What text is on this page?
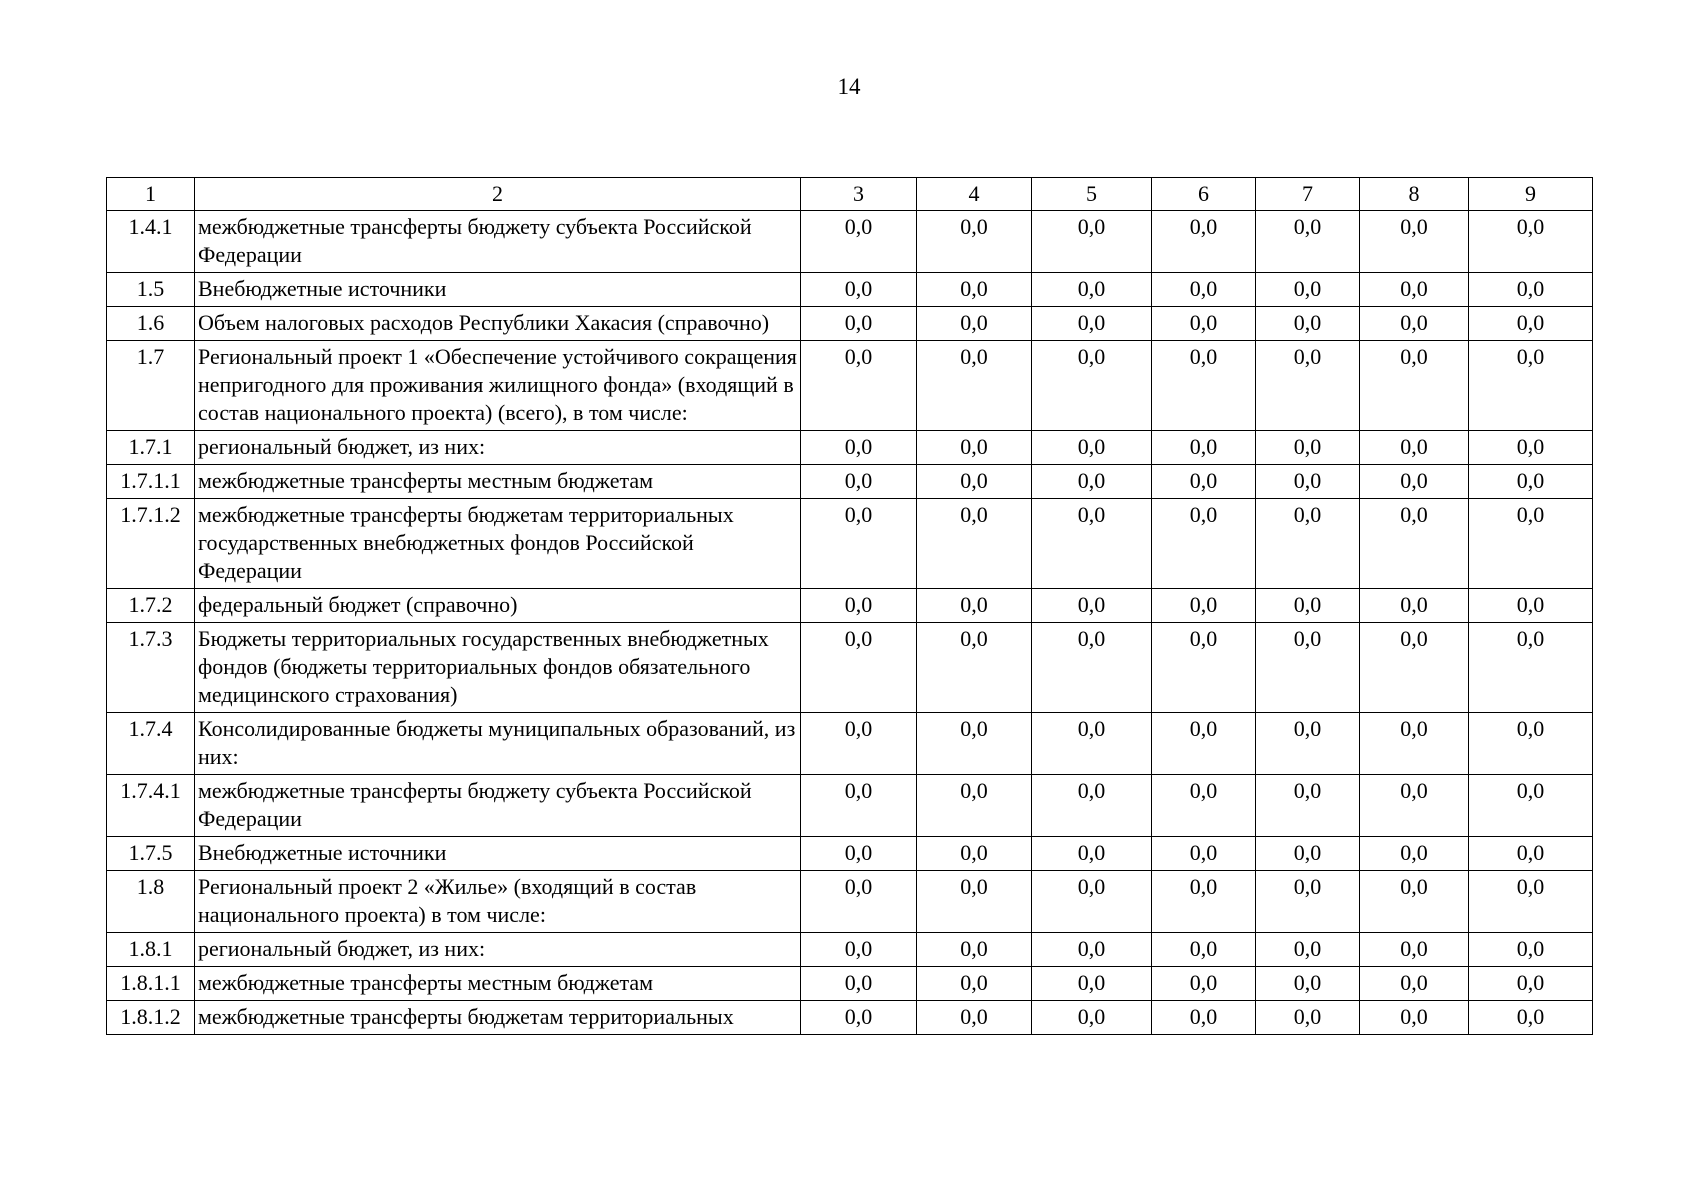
14
1	2	3	4	5	6	7	8	9
1.4.1	межбюджетные трансферты бюджету субъекта Российской Федерации	0,0	0,0	0,0	0,0	0,0	0,0	0,0
1.5	Внебюджетные источники	0,0	0,0	0,0	0,0	0,0	0,0	0,0
1.6	Объем налоговых расходов Республики Хакасия (справочно)	0,0	0,0	0,0	0,0	0,0	0,0	0,0
1.7	Региональный проект 1 «Обеспечение устойчивого сокращения непригодного для проживания жилищного фонда» (входящий в состав национального проекта) (всего), в том числе:	0,0	0,0	0,0	0,0	0,0	0,0	0,0
1.7.1	региональный бюджет, из них:	0,0	0,0	0,0	0,0	0,0	0,0	0,0
1.7.1.1	межбюджетные трансферты местным бюджетам	0,0	0,0	0,0	0,0	0,0	0,0	0,0
1.7.1.2	межбюджетные трансферты бюджетам территориальных государственных внебюджетных фондов Российской Федерации	0,0	0,0	0,0	0,0	0,0	0,0	0,0
1.7.2	федеральный бюджет (справочно)	0,0	0,0	0,0	0,0	0,0	0,0	0,0
1.7.3	Бюджеты территориальных государственных внебюджетных фондов (бюджеты территориальных фондов обязательного медицинского страхования)	0,0	0,0	0,0	0,0	0,0	0,0	0,0
1.7.4	Консолидированные бюджеты муниципальных образований, из них:	0,0	0,0	0,0	0,0	0,0	0,0	0,0
1.7.4.1	межбюджетные трансферты бюджету субъекта Российской Федерации	0,0	0,0	0,0	0,0	0,0	0,0	0,0
1.7.5	Внебюджетные источники	0,0	0,0	0,0	0,0	0,0	0,0	0,0
1.8	Региональный проект 2 «Жилье» (входящий в состав национального проекта) в том числе:	0,0	0,0	0,0	0,0	0,0	0,0	0,0
1.8.1	региональный бюджет, из них:	0,0	0,0	0,0	0,0	0,0	0,0	0,0
1.8.1.1	межбюджетные трансферты местным бюджетам	0,0	0,0	0,0	0,0	0,0	0,0	0,0
1.8.1.2	межбюджетные трансферты бюджетам территориальных	0,0	0,0	0,0	0,0	0,0	0,0	0,0
